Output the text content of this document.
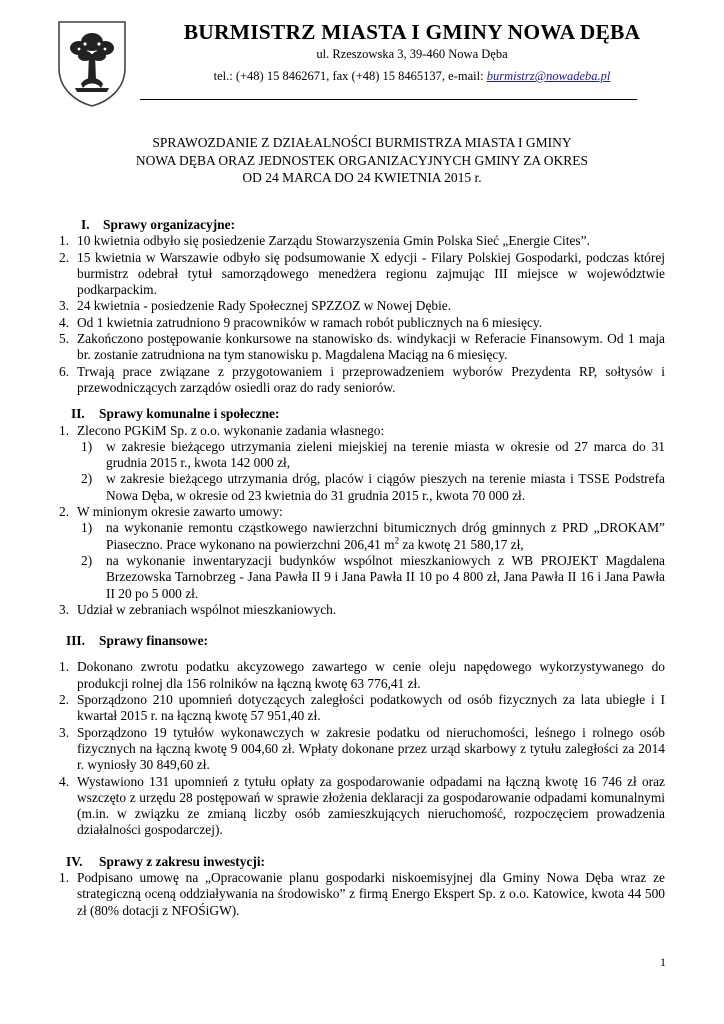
BURMISTRZ MIASTA I GMINY NOWA DĘBA
ul. Rzeszowska 3, 39-460 Nowa Dęba
tel.: (+48) 15 8462671, fax (+48) 15 8465137, e-mail: burmistrz@nowadeba.pl
SPRAWOZDANIE Z DZIAŁALNOŚCI BURMISTRZA MIASTA I GMINY
NOWA DĘBA ORAZ JEDNOSTEK ORGANIZACYJNYCH GMINY ZA OKRES
OD 24 MARCA DO 24 KWIETNIA 2015 r.
I.	Sprawy organizacyjne:
1. 10 kwietnia odbyło się posiedzenie Zarządu Stowarzyszenia Gmin Polska Sieć „Energie Cites”.
2. 15 kwietnia w Warszawie odbyło się podsumowanie X edycji - Filary Polskiej Gospodarki, podczas której burmistrz odebrał tytuł samorządowego menedżera regionu zajmując III miejsce w województwie podkarpackim.
3. 24 kwietnia - posiedzenie Rady Społecznej SPZZOZ w Nowej Dębie.
4. Od 1 kwietnia zatrudniono 9 pracowników w ramach robót publicznych na 6 miesięcy.
5. Zakończono postępowanie konkursowe na stanowisko ds. windykacji w Referacie Finansowym. Od 1 maja br. zostanie zatrudniona na tym stanowisku p. Magdalena Maciąg na 6 miesięcy.
6. Trwają prace związane z przygotowaniem i przeprowadzeniem wyborów Prezydenta RP, sołtysów i przewodniczących zarządów osiedli oraz do rady seniorów.
II.	Sprawy komunalne i społeczne:
1. Zlecono PGKiM Sp. z o.o. wykonanie zadania własnego:
1)	w zakresie bieżącego utrzymania zieleni miejskiej na terenie miasta w okresie od 27 marca do 31 grudnia 2015 r., kwota 142 000 zł,
2)	w zakresie bieżącego utrzymania dróg, placów i ciągów pieszych na terenie miasta i TSSE Podstrefa Nowa Dęba, w okresie od 23 kwietnia do 31 grudnia 2015 r., kwota 70 000 zł.
2. W minionym okresie zawarto umowy:
1)	na wykonanie remontu cząstkowego nawierzchni bitumicznych dróg gminnych z PRD „DROKAM” Piaseczno. Prace wykonano na powierzchni 206,41 $m^2$ za kwotę 21 580,17 zł,
2)	na wykonanie inwentaryzacji budynków wspólnot mieszkaniowych z WB PROJEKT Magdalena Brzezowska Tarnobrzeg - Jana Pawła II 9 i Jana Pawła II 10 po 4 800 zł, Jana Pawła II 16 i Jana Pawła II 20 po 5 000 zł.
3. Udział w zebraniach wspólnot mieszkaniowych.
III.	Sprawy finansowe:
1. Dokonano zwrotu podatku akcyzowego zawartego w cenie oleju napędowego wykorzystywanego do produkcji rolnej dla 156 rolników na łączną kwotę 63 776,41 zł.
2. Sporządzono 210 upomnień dotyczących zaległości podatkowych od osób fizycznych za lata ubiegłe i I kwartał 2015 r. na łączną kwotę 57 951,40 zł.
3. Sporządzono 19 tytułów wykonawczych w zakresie podatku od nieruchomości, leśnego i rolnego osób fizycznych na łączną kwotę 9 004,60 zł. Wpłaty dokonane przez urząd skarbowy z tytułu zaległości za 2014 r. wyniosły 30 849,60 zł.
4. Wystawiono 131 upomnień z tytułu opłaty za gospodarowanie odpadami na łączną kwotę 16 746 zł oraz wszczęto z urzędu 28 postępowań w sprawie złożenia deklaracji za gospodarowanie odpadami komunalnymi (m.in. w związku ze zmianą liczby osób zamieszkujących nieruchomość, rozpoczęciem prowadzenia działalności gospodarczej).
IV.	Sprawy z zakresu inwestycji:
1. Podpisano umowę na „Opracowanie planu gospodarki niskoemisyjnej dla Gminy Nowa Dęba wraz ze strategiczną oceną oddziaływania na środowisko” z firmą Energo Ekspert Sp. z o.o. Katowice, kwota 44 500 zł (80% dotacji z NFOŚiGW).
1
